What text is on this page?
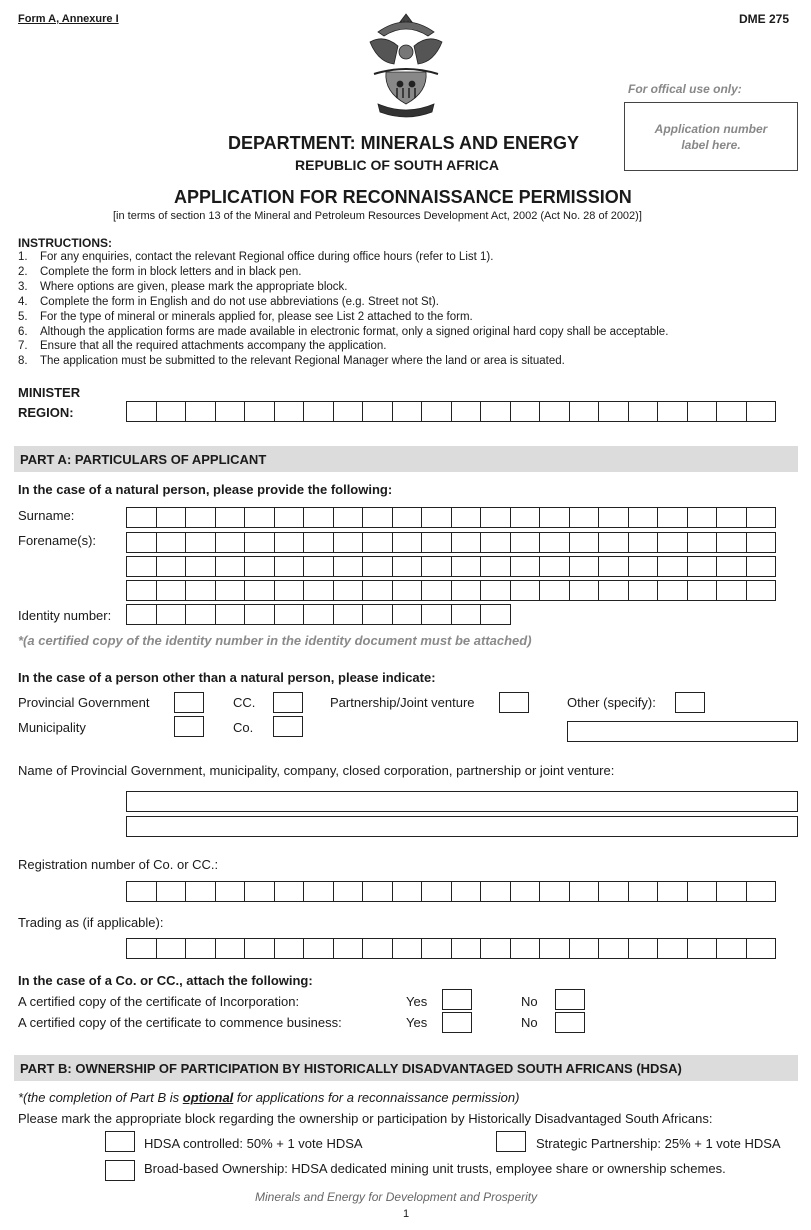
Form A, Annexure I	DME 275
For offical use only:
Application number
label here.
DEPARTMENT: MINERALS AND ENERGY
REPUBLIC OF SOUTH AFRICA
APPLICATION FOR RECONNAISSANCE PERMISSION
[in terms of section 13 of the Mineral and Petroleum Resources Development Act, 2002 (Act No. 28 of 2002)]
INSTRUCTIONS:
1. For any enquiries, contact the relevant Regional office during office hours (refer to List 1).
2. Complete the form in block letters and in black pen.
3. Where options are given, please mark the appropriate block.
4. Complete the form in English and do not use abbreviations (e.g. Street not St).
5. For the type of mineral or minerals applied for, please see List 2 attached to the form.
6. Although the application forms are made available in electronic format, only a signed original hard copy shall be acceptable.
7. Ensure that all the required attachments accompany the application.
8. The application must be submitted to the relevant Regional Manager where the land or area is situated.
MINISTER
REGION:
PART A: PARTICULARS OF APPLICANT
In the case of a natural person, please provide the following:
Surname:
Forename(s):
Identity number:
*(a certified copy of the identity number in the identity document must be attached)
In the case of a person other than a natural person, please indicate:
Provincial Government	CC.	Partnership/Joint venture	Other (specify):
Municipality	Co.
Name of Provincial Government, municipality, company, closed corporation, partnership or joint venture:
Registration number of Co. or CC.:
Trading as (if applicable):
In the case of a Co. or CC., attach the following:
A certified copy of the certificate of Incorporation:	Yes	No
A certified copy of the certificate to commence business:	Yes	No
PART B: OWNERSHIP OF PARTICIPATION BY HISTORICALLY DISADVANTAGED SOUTH AFRICANS (HDSA)
*(the completion of Part B is optional for applications for a reconnaissance permission)
Please mark the appropriate block regarding the ownership or participation by Historically Disadvantaged South Africans:
HDSA controlled: 50% + 1 vote HDSA	Strategic Partnership: 25% + 1 vote HDSA
Broad-based Ownership: HDSA dedicated mining unit trusts, employee share or ownership schemes.
Minerals and Energy for Development and Prosperity
1
